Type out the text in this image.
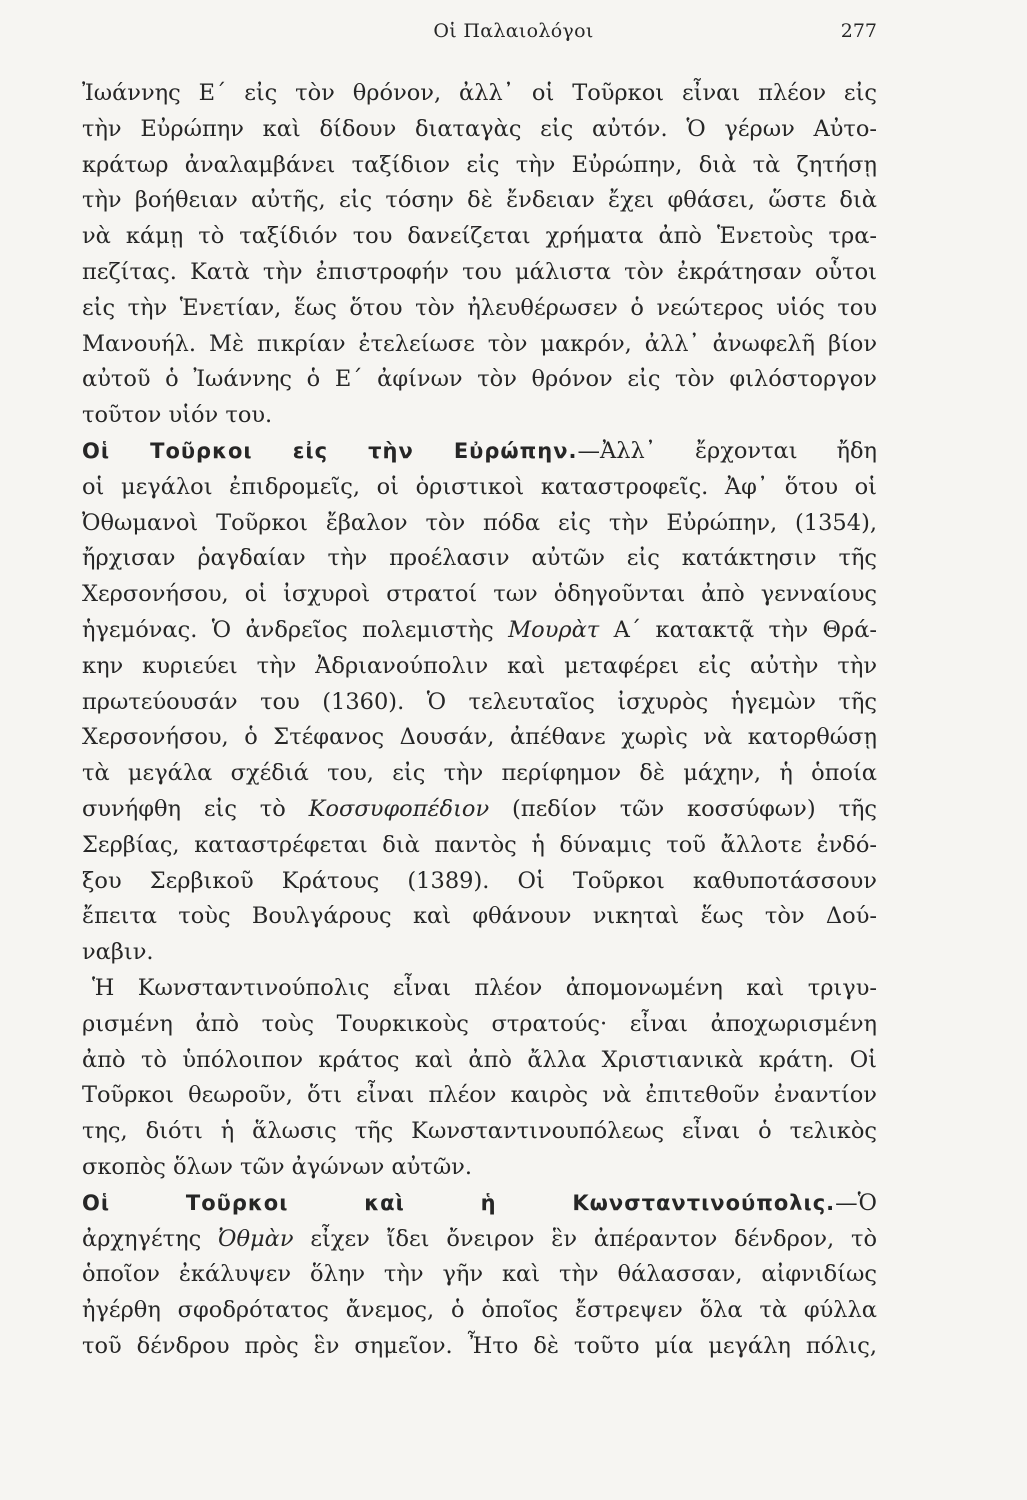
Οἱ Παλαιολόγοι	277
Ἰωάννης Ε΄ εἰς τὸν θρόνον, ἀλλ᾽ οἱ Τοῦρκοι εἶναι πλέον εἰς
τὴν Εὐρώπην καὶ δίδουν διαταγὰς εἰς αὐτόν. Ὁ γέρων Αὐτο-
κράτωρ ἀναλαμβάνει ταξίδιον εἰς τὴν Εὐρώπην, διὰ τὰ ζητήσῃ
τὴν βοήθειαν αὐτῆς, εἰς τόσην δὲ ἔνδειαν ἔχει φθάσει, ὥστε διὰ
νὰ κάμῃ τὸ ταξίδιόν του δανείζεται χρήματα ἀπὸ Ἑνετοὺς τρα-
πεζίτας. Κατὰ τὴν ἐπιστροφήν του μάλιστα τὸν ἐκράτησαν οὗτοι
εἰς τὴν Ἑνετίαν, ἕως ὅτου τὸν ἠλευθέρωσεν ὁ νεώτερος υἱός του
Μανουήλ. Μὲ πικρίαν ἐτελείωσε τὸν μακρόν, ἀλλ᾽ ἀνωφελῆ βίον
αὐτοῦ ὁ Ἰωάννης ὁ Ε΄ ἀφίνων τὸν θρόνον εἰς τὸν φιλόστοργον
τοῦτον υἱόν του.
Οἱ Τοῦρκοι εἰς τὴν Εὐρώπην.—Ἀλλ᾽ ἔρχονται ἤδη
οἱ μεγάλοι ἐπιδρομεῖς, οἱ ὁριστικοὶ καταστροφεῖς. Ἀφ᾽ ὅτου οἱ
Ὀθωμανοὶ Τοῦρκοι ἔβαλον τὸν πόδα εἰς τὴν Εὐρώπην, (1354),
ἤρχισαν ῥαγδαίαν τὴν προέλασιν αὐτῶν εἰς κατάκτησιν τῆς
Χερσονήσου, οἱ ἰσχυροὶ στρατοί των ὁδηγοῦνται ἀπὸ γενναίους
ἡγεμόνας. Ὁ ἀνδρεῖος πολεμιστὴς Μουρὰτ Α΄ κατακτᾷ τὴν Θρά-
κην κυριεύει τὴν Ἀδριανούπολιν καὶ μεταφέρει εἰς αὐτὴν τὴν
πρωτεύουσάν του (1360). Ὁ τελευταῖος ἰσχυρὸς ἡγεμὼν τῆς
Χερσονήσου, ὁ Στέφανος Δουσάν, ἀπέθανε χωρὶς νὰ κατορθώσῃ
τὰ μεγάλα σχέδιά του, εἰς τὴν περίφημον δὲ μάχην, ἡ ὁποία
συνήφθη εἰς τὸ Κοσσυφοπέδιον (πεδίον τῶν κοσσύφων) τῆς
Σερβίας, καταστρέφεται διὰ παντὸς ἡ δύναμις τοῦ ἄλλοτε ἐνδό-
ξου Σερβικοῦ Κράτους (1389). Οἱ Τοῦρκοι καθυποτάσσουν
ἔπειτα τοὺς Βουλγάρους καὶ φθάνουν νικηταὶ ἕως τὸν Δού-
ναβιν.
Ἡ Κωνσταντινούπολις εἶναι πλέον ἀπομονωμένη καὶ τριγυ-
ρισμένη ἀπὸ τοὺς Τουρκικοὺς στρατούς· εἶναι ἀποχωρισμένη
ἀπὸ τὸ ὑπόλοιπον κράτος καὶ ἀπὸ ἄλλα Χριστιανικὰ κράτη. Οἱ
Τοῦρκοι θεωροῦν, ὅτι εἶναι πλέον καιρὸς νὰ ἐπιτεθοῦν ἐναντίον
της, διότι ἡ ἅλωσις τῆς Κωνσταντινουπόλεως εἶναι ὁ τελικὸς
σκοπὸς ὅλων τῶν ἀγώνων αὐτῶν.
Οἱ Τοῦρκοι καὶ ἡ Κωνσταντινούπολις.—Ὁ
ἀρχηγέτης Ὀθμὰν εἶχεν ἴδει ὄνειρον ἓν ἀπέραντον δένδρον, τὸ
ὁποῖον ἐκάλυψεν ὅλην τὴν γῆν καὶ τὴν θάλασσαν, αἰφνιδίως
ἠγέρθη σφοδρότατος ἄνεμος, ὁ ὁποῖος ἔστρεψεν ὅλα τὰ φύλλα
τοῦ δένδρου πρὸς ἓν σημεῖον. Ἦτο δὲ τοῦτο μία μεγάλη πόλις,
